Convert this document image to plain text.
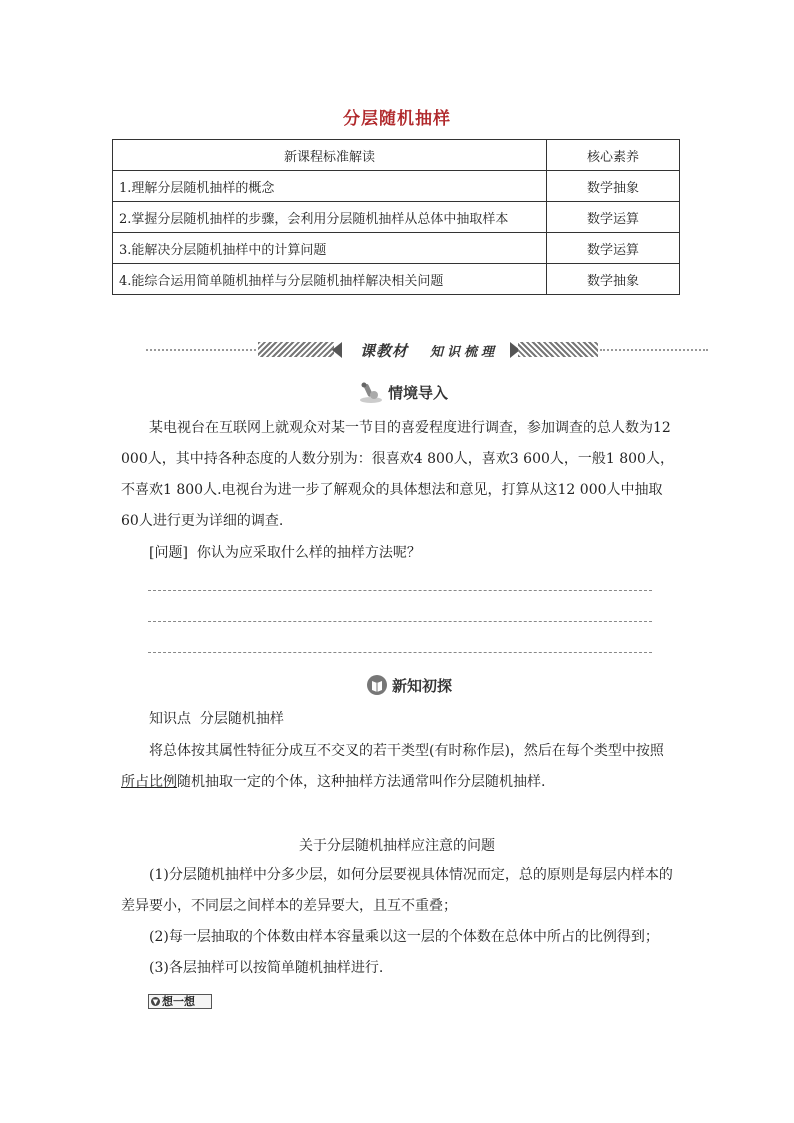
分层随机抽样
新课程标准解读	核心素养
1.理解分层随机抽样的概念	数学抽象
2.掌握分层随机抽样的步骤，会利用分层随机抽样从总体中抽取样本	数学运算
3.能解决分层随机抽样中的计算问题	数学运算
4.能综合运用简单随机抽样与分层随机抽样解决相关问题	数学抽象
课教材 知识梳理
情境导入

某电视台在互联网上就观众对某一节目的喜爱程度进行调查，参加调查的总人数为12 000人，其中持各种态度的人数分别为：很喜欢4 800人，喜欢3 600人，一般1 800人，不喜欢1 800人.电视台为进一步了解观众的具体想法和意见，打算从这12 000人中抽取60人进行更为详细的调查.

[问题] 你认为应采取什么样的抽样方法呢？

新知初探

知识点 分层随机抽样

将总体按其属性特征分成互不交叉的若干类型(有时称作层)，然后在每个类型中按照所占比例随机抽取一定的个体，这种抽样方法通常叫作分层随机抽样.

关于分层随机抽样应注意的问题

(1)分层随机抽样中分多少层，如何分层要视具体情况而定，总的原则是每层内样本的差异要小，不同层之间样本的差异要大，且互不重叠；

(2)每一层抽取的个体数由样本容量乘以这一层的个体数在总体中所占的比例得到；

(3)各层抽样可以按简单随机抽样进行.

▼ 想一想
